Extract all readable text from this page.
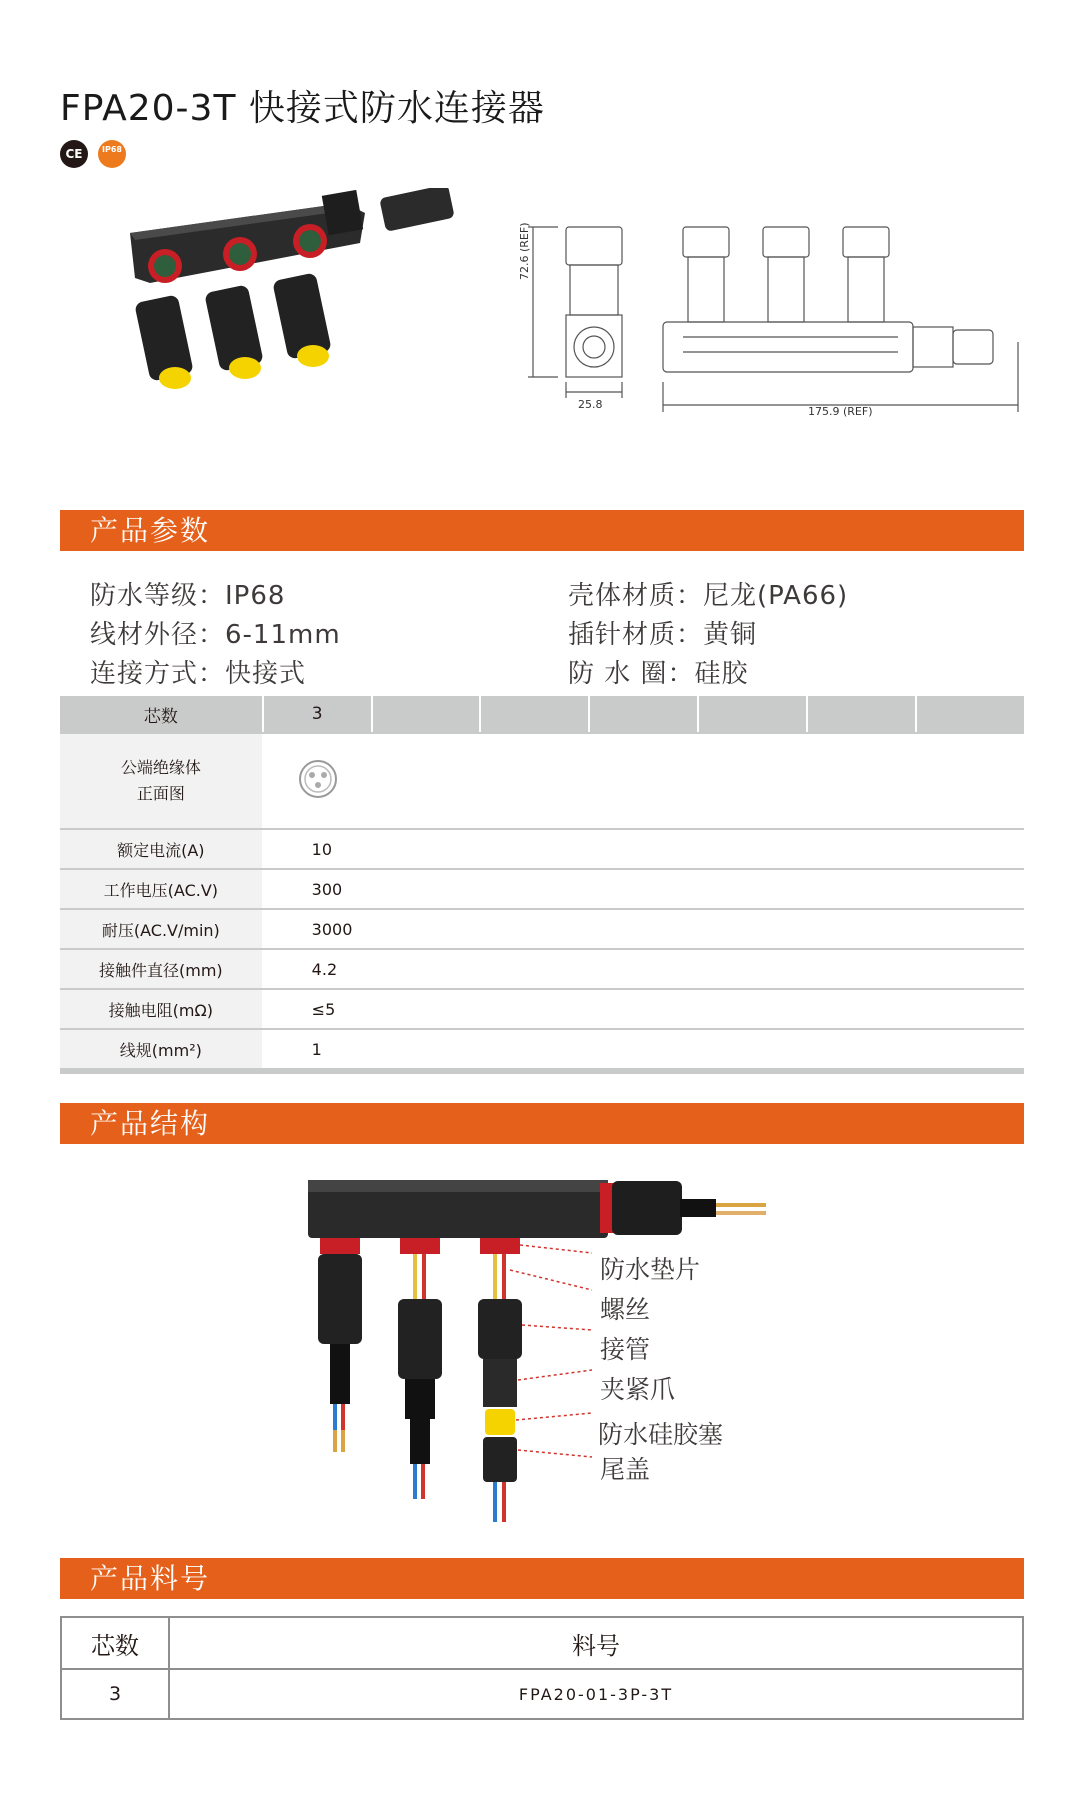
FPA20-3T 快接式防水连接器
CE	IP68
72.6 (REF)
25.8
175.9 (REF)
产品参数
防水等级：IP68
线材外径：6-11mm
连接方式：快接式
壳体材质：尼龙(PA66)
插针材质：黄铜
防 水 圈：硅胶
芯数	3						
公端绝缘体
正面图	
额定电流(A)	10						
工作电压(AC.V)	300						
耐压(AC.V/min)	3000						
接触件直径(mm)	4.2						
接触电阻(mΩ)	≤5						
线规(mm²)	1						
产品结构
防水垫片
螺丝
接管
夹紧爪
防水硅胶塞
尾盖
产品料号
芯数	料号
3	FPA20-01-3P-3T
